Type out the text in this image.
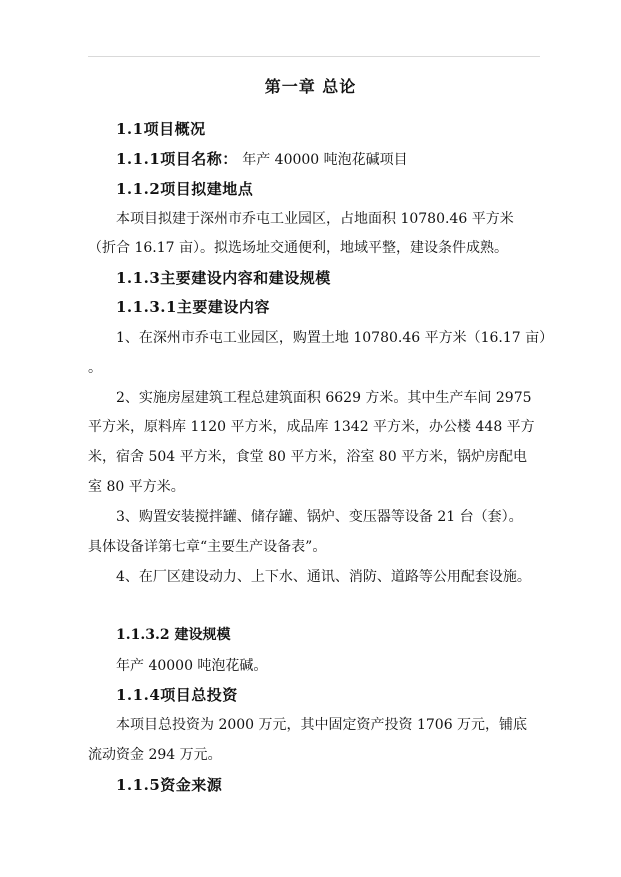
第一章 总论
1.1项目概况
1.1.1项目名称： 年产 40000 吨泡花碱项目
1.1.2项目拟建地点
本项目拟建于深州市乔屯工业园区，占地面积 10780.46 平方米
（折合 16.17 亩）。拟选场址交通便利，地域平整，建设条件成熟。
1.1.3主要建设内容和建设规模
1.1.3.1主要建设内容
1、在深州市乔屯工业园区，购置土地 10780.46 平方米（16.17 亩）
。
2、实施房屋建筑工程总建筑面积 6629 方米。其中生产车间 2975
平方米，原料库 1120 平方米，成品库 1342 平方米，办公楼 448 平方
米，宿舍 504 平方米，食堂 80 平方米，浴室 80 平方米，锅炉房配电
室 80 平方米。
3、购置安装搅拌罐、储存罐、锅炉、变压器等设备 21 台（套）。
具体设备详第七章“主要生产设备表”。
4、在厂区建设动力、上下水、通讯、消防、道路等公用配套设施。
1.1.3.2 建设规模
年产 40000 吨泡花碱。
1.1.4项目总投资
本项目总投资为 2000 万元，其中固定资产投资 1706 万元，铺底
流动资金 294 万元。
1.1.5资金来源
